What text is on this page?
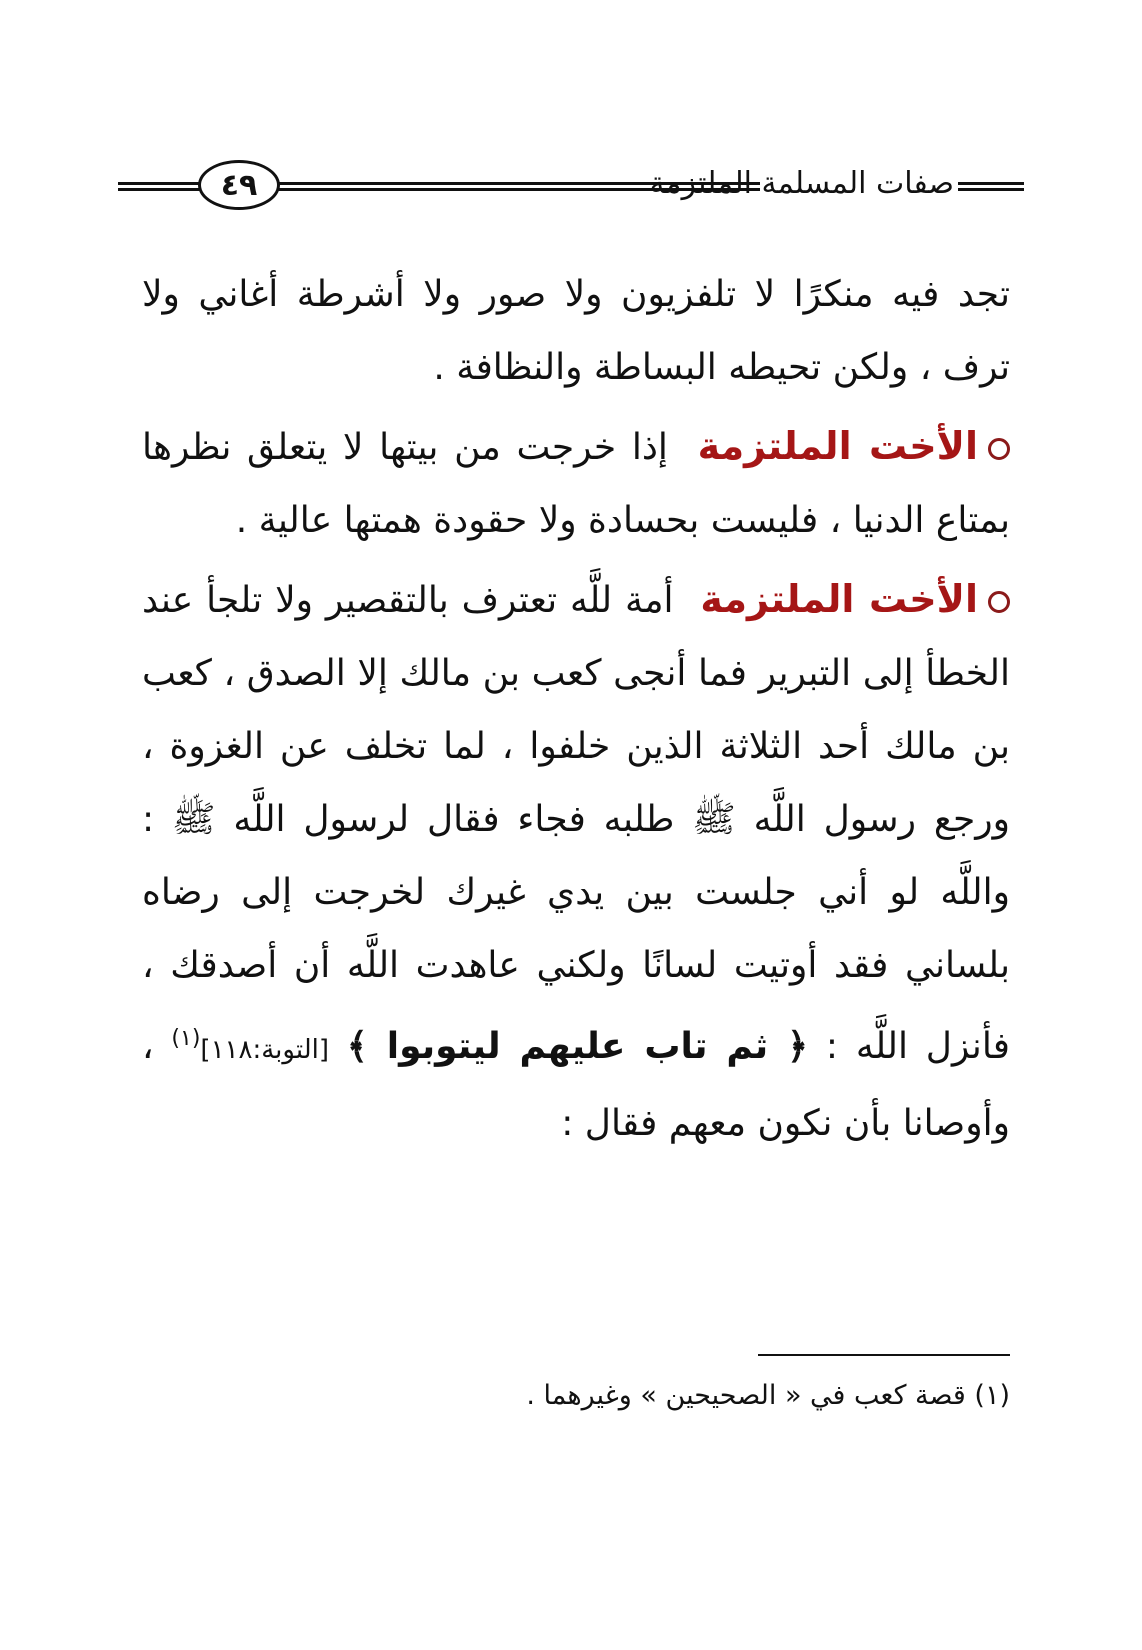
٤٩	صفات المسلمة الملتزمة

تجد فيه منكرًا لا تلفزيون ولا صور ولا أشرطة أغاني ولا ترف ، ولكن تحيطه البساطة والنظافة .

الأخت الملتزمة إذا خرجت من بيتها لا يتعلق نظرها بمتاع الدنيا ، فليست بحسادة ولا حقودة همتها عالية .

الأخت الملتزمة أمة للَّه تعترف بالتقصير ولا تلجأ عند الخطأ إلى التبرير فما أنجى كعب بن مالك إلا الصدق ، كعب بن مالك أحد الثلاثة الذين خلفوا ، لما تخلف عن الغزوة ، ورجع رسول اللَّه ﷺ طلبه فجاء فقال لرسول اللَّه ﷺ : واللَّه لو أني جلست بين يدي غيرك لخرجت إلى رضاه بلساني فقد أوتيت لسانًا ولكني عاهدت اللَّه أن أصدقك ، فأنزل اللَّه : ﴿ ثم تاب عليهم ليتوبوا ﴾ [التوبة:١١٨]$^{(١)}$ ، وأوصانا بأن نكون معهم فقال :

(١) قصة كعب في « الصحيحين » وغيرهما .
